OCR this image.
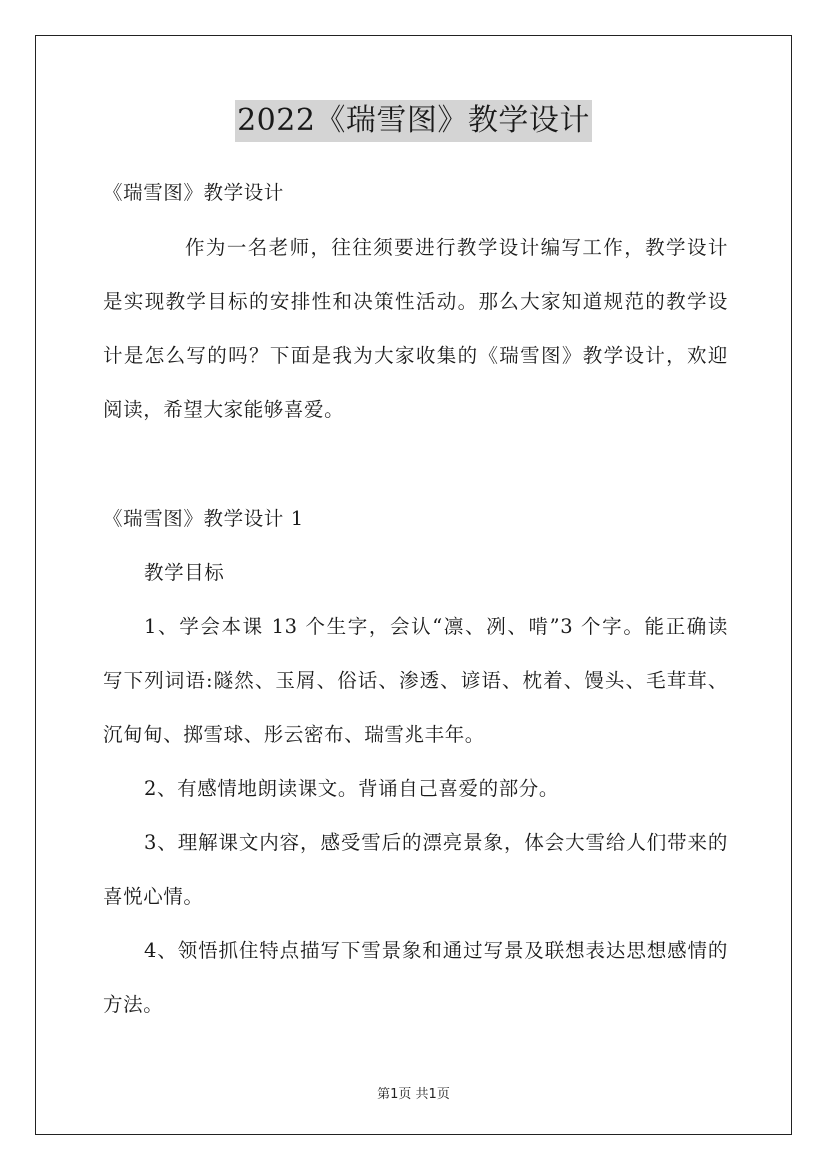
2022《瑞雪图》教学设计
《瑞雪图》教学设计
作为一名老师，往往须要进行教学设计编写工作，教学设计
是实现教学目标的安排性和决策性活动。那么大家知道规范的教学设
计是怎么写的吗？下面是我为大家收集的《瑞雪图》教学设计，欢迎
阅读，希望大家能够喜爱。
《瑞雪图》教学设计 1
教学目标
1、学会本课 13 个生字，会认“凛、冽、啃”3 个字。能正确读
写下列词语:隧然、玉屑、俗话、渗透、谚语、枕着、馒头、毛茸茸、
沉甸甸、掷雪球、彤云密布、瑞雪兆丰年。
2、有感情地朗读课文。背诵自己喜爱的部分。
3、理解课文内容，感受雪后的漂亮景象，体会大雪给人们带来的
喜悦心情。
4、领悟抓住特点描写下雪景象和通过写景及联想表达思想感情的
方法。
第1页 共1页
